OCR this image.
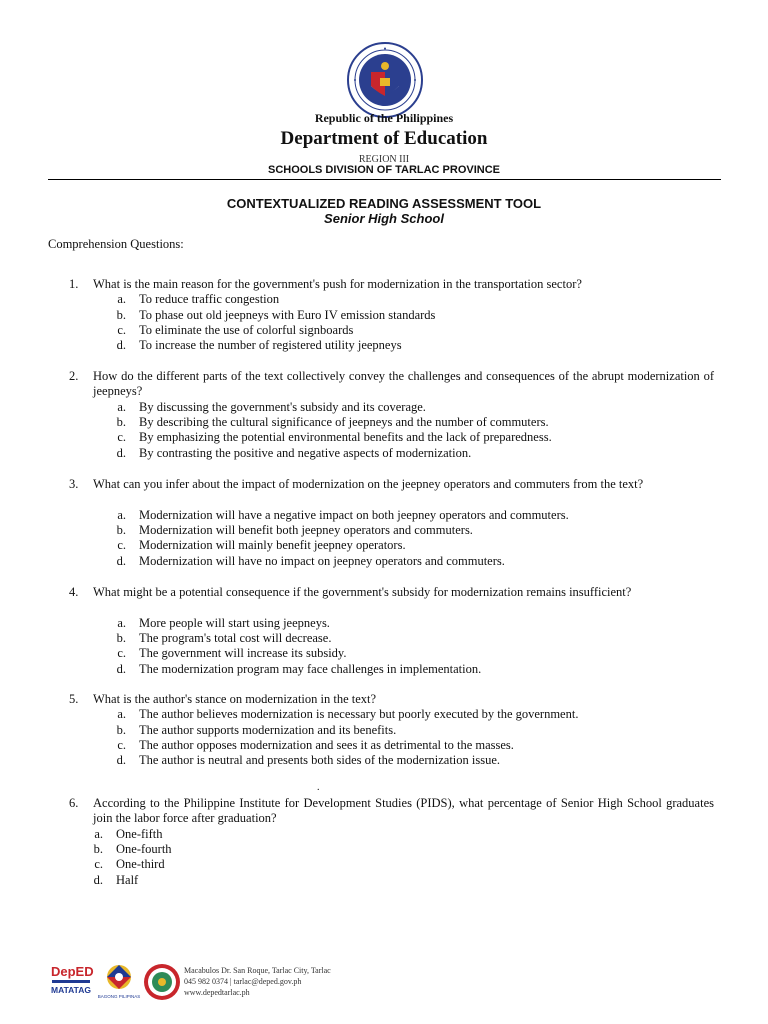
Republic of the Philippines
Department of Education
REGION III
SCHOOLS DIVISION OF TARLAC PROVINCE
CONTEXTUALIZED READING ASSESSMENT TOOL
Senior High School
Comprehension Questions:
1. What is the main reason for the government's push for modernization in the transportation sector?
a. To reduce traffic congestion
b. To phase out old jeepneys with Euro IV emission standards
c. To eliminate the use of colorful signboards
d. To increase the number of registered utility jeepneys
2. How do the different parts of the text collectively convey the challenges and consequences of the abrupt modernization of jeepneys?
a. By discussing the government's subsidy and its coverage.
b. By describing the cultural significance of jeepneys and the number of commuters.
c. By emphasizing the potential environmental benefits and the lack of preparedness.
d. By contrasting the positive and negative aspects of modernization.
3. What can you infer about the impact of modernization on the jeepney operators and commuters from the text?
a. Modernization will have a negative impact on both jeepney operators and commuters.
b. Modernization will benefit both jeepney operators and commuters.
c. Modernization will mainly benefit jeepney operators.
d. Modernization will have no impact on jeepney operators and commuters.
4. What might be a potential consequence if the government's subsidy for modernization remains insufficient?
a. More people will start using jeepneys.
b. The program's total cost will decrease.
c. The government will increase its subsidy.
d. The modernization program may face challenges in implementation.
5. What is the author's stance on modernization in the text?
a. The author believes modernization is necessary but poorly executed by the government.
b. The author supports modernization and its benefits.
c. The author opposes modernization and sees it as detrimental to the masses.
d. The author is neutral and presents both sides of the modernization issue.
6. According to the Philippine Institute for Development Studies (PIDS), what percentage of Senior High School graduates join the labor force after graduation?
a. One-fifth
b. One-fourth
c. One-third
d. Half
.
DepED
MATATAG
BAGONG PILIPINAS
Macabulos Dr. San Roque, Tarlac City, Tarlac
045 982 0374 | tarlac@deped.gov.ph
www.depedtarlac.ph
